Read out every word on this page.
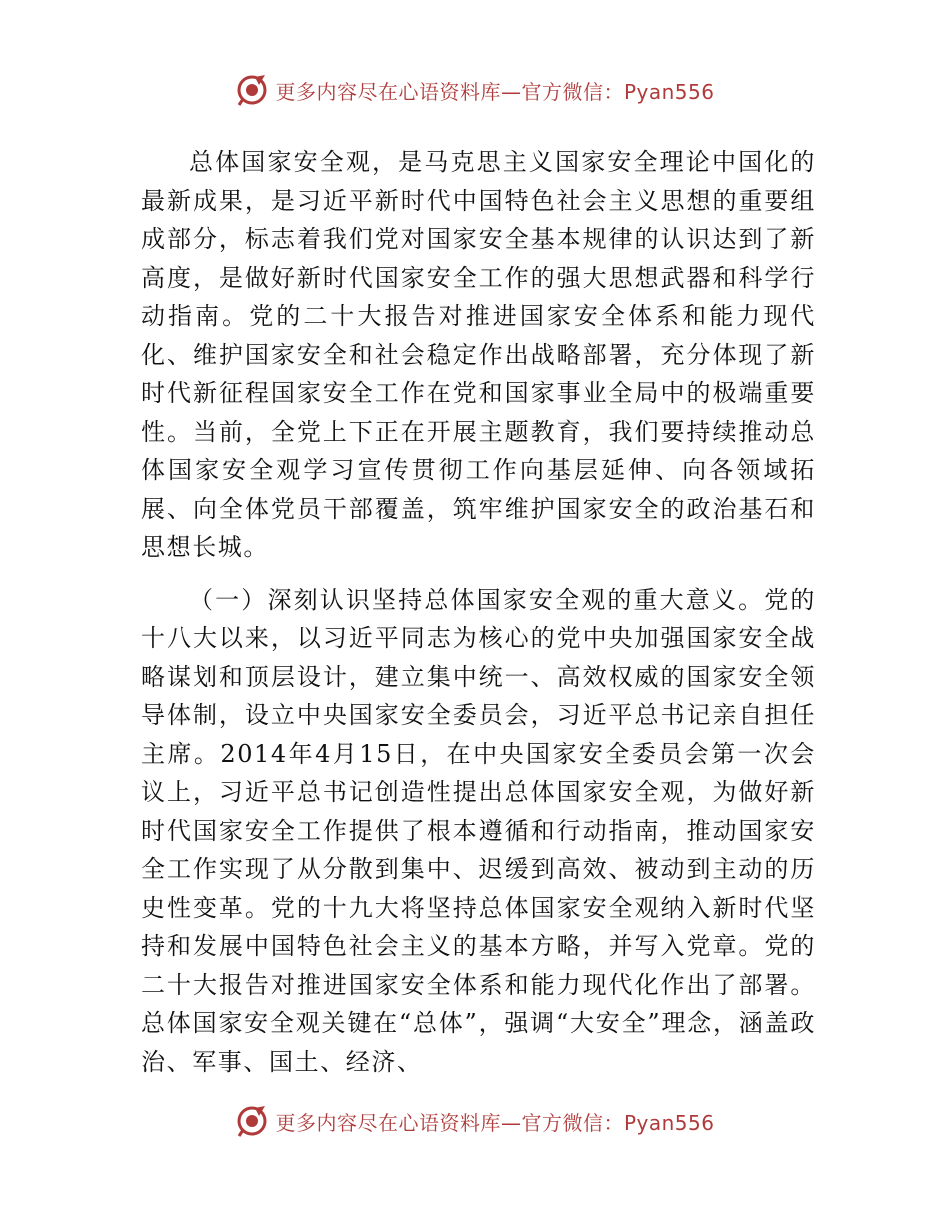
更多内容尽在心语资料库—官方微信：Pyan556

总体国家安全观，是马克思主义国家安全理论中国化的最新成果，是习近平新时代中国特色社会主义思想的重要组成部分，标志着我们党对国家安全基本规律的认识达到了新高度，是做好新时代国家安全工作的强大思想武器和科学行动指南。党的二十大报告对推进国家安全体系和能力现代化、维护国家安全和社会稳定作出战略部署，充分体现了新时代新征程国家安全工作在党和国家事业全局中的极端重要性。当前，全党上下正在开展主题教育，我们要持续推动总体国家安全观学习宣传贯彻工作向基层延伸、向各领域拓展、向全体党员干部覆盖，筑牢维护国家安全的政治基石和思想长城。

（一）深刻认识坚持总体国家安全观的重大意义。党的十八大以来，以习近平同志为核心的党中央加强国家安全战略谋划和顶层设计，建立集中统一、高效权威的国家安全领导体制，设立中央国家安全委员会，习近平总书记亲自担任主席。2014年4月15日，在中央国家安全委员会第一次会议上，习近平总书记创造性提出总体国家安全观，为做好新时代国家安全工作提供了根本遵循和行动指南，推动国家安全工作实现了从分散到集中、迟缓到高效、被动到主动的历史性变革。党的十九大将坚持总体国家安全观纳入新时代坚持和发展中国特色社会主义的基本方略，并写入党章。党的二十大报告对推进国家安全体系和能力现代化作出了部署。总体国家安全观关键在“总体”，强调“大安全”理念，涵盖政治、军事、国土、经济、

更多内容尽在心语资料库—官方微信：Pyan556
